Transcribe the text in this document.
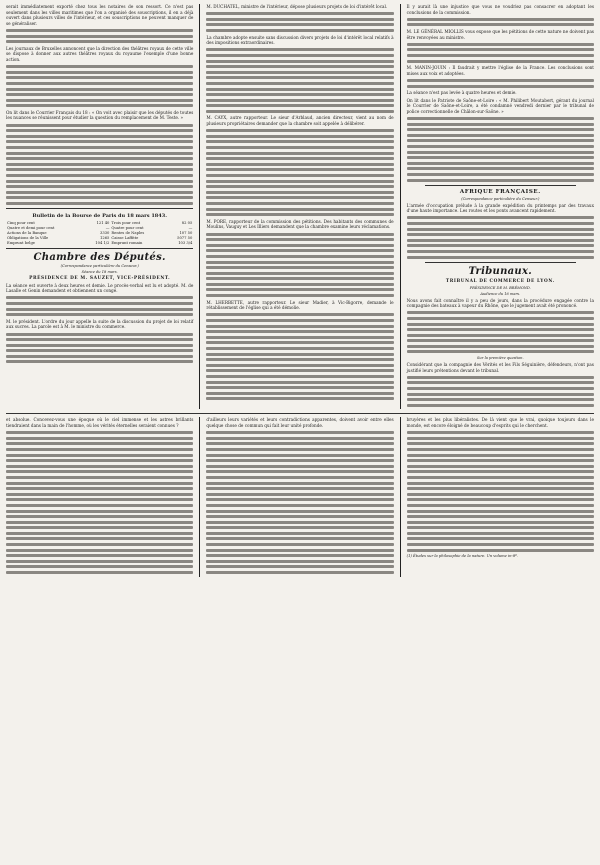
serait immédiatement exporté chez tous les notaires de son ressort. Ce n'est pas seulement dans les villes maritimes que l'on a organisé des souscriptions, il en a déjà ouvert dans plusieurs villes de l'intérieur, et ces souscriptions ne peuvent manquer de se généraliser.

Les journaux de Bruxelles annoncent que la direction des théâtres royaux de cette ville se dispose à donner aux autres théâtres royaux du royaume l'exemple d'une bonne action.

On lit dans le Courrier Français du 18 : « On voit avec plaisir que les députés de toutes les nuances se réunissent pour étudier la question du remplacement de M. Teste. »

Bulletin de la Bourse de Paris du 18 mars 1843.
Cinq pour cent	121 40	Trois pour cent	82 05
Quatre et demi pour cent	—	Quatre pour cent	—
Actions de la Banque	3330	Rentes de Naples	107 50
Obligations de la Ville	1265	Caisse Laffitte	5077 50
Emprunt belge	104 1/2	Emprunt romain	103 3/4
Chambre des Députés.
(Correspondance particulière du Censeur.)
Séance du 18 mars.
PRÉSIDENCE DE M. SAUZET, VICE-PRÉSIDENT.

La séance est ouverte à deux heures et demie. Le procès-verbal est lu et adopté. M. de Lasalle et Genin demandent et obtiennent un congé.

M. le président. L'ordre du jour appelle la suite de la discussion du projet de loi relatif aux sucres. La parole est à M. le ministre du commerce.

M. DUCHATEL, ministre de l'intérieur, dépose plusieurs projets de loi d'intérêt local.

La chambre adopte ensuite sans discussion divers projets de loi d'intérêt local relatifs à des impositions extraordinaires.

M. CAYX, autre rapporteur. Le sieur d'Arblaud, ancien directeur, vient au nom de plusieurs propriétaires demander que la chambre soit appelée à délibérer.

M. PORE, rapporteur de la commission des pétitions. Des habitants des communes de Moulins, Vauguy et Les Illiers demandent que la chambre examine leurs réclamations.

M. LHERBETTE, autre rapporteur. Le sieur Madier, à Vic-Bigorre, demande le rétablissement de l'église qui a été démolie.

Il y aurait là une injustice que vous ne voudriez pas consacrer en adoptant les conclusions de la commission.

M. LE GÉNÉRAL MIOLLIS vous expose que les pétitions de cette nature ne doivent pas être renvoyées au ministre.

M. MANIN-JOUIN : Il faudrait y mettre l'église de la France. Les conclusions sont mises aux voix et adoptées.

La séance n'est pas levée à quatre heures et demie.

On lit dans le Patriote de Saône-et-Loire : « M. Philibert Moutabert, gérant du journal le Courrier de Saône-et-Loire, a été condamné vendredi dernier par le tribunal de police correctionnelle de Châlon-sur-Saône. »

AFRIQUE FRANÇAISE.
(Correspondance particulière du Censeur.)

L'armée d'occupation prélude à la grande expédition du printemps par des travaux d'une haute importance. Les routes et les ponts avancent rapidement.

Tribunaux.
TRIBUNAL DE COMMERCE DE LYON.
PRÉSIDENCE DE M. BRÉMOND.
Audience du 16 mars.

Nous avons fait connaître il y a peu de jours, dans la procédure engagée contre la compagnie des bateaux à vapeur du Rhône, que le jugement avait été prononcé.

Sur la première question.

Considérant que la compagnie des Vérités et les Fils Séguinière, défendeurs, n'ont pas justifié leurs prétentions devant le tribunal.

et absolue. Concevez-vous une époque où le ciel immense et les astres brillants tiendraient dans la main de l'homme, où les vérités éternelles seraient connues ?

d'ailleurs leurs variétés et leurs contradictions apparentes, doivent avoir entre elles quelque chose de commun qui fait leur unité profonde.

bruyères et les plus libéralistes. De là vient que le vrai, quoique toujours dans le monde, est encore éloigné de beaucoup d'esprits qui le cherchent.

(1) Études sur la philosophie de la nature. Un volume in-8º.
